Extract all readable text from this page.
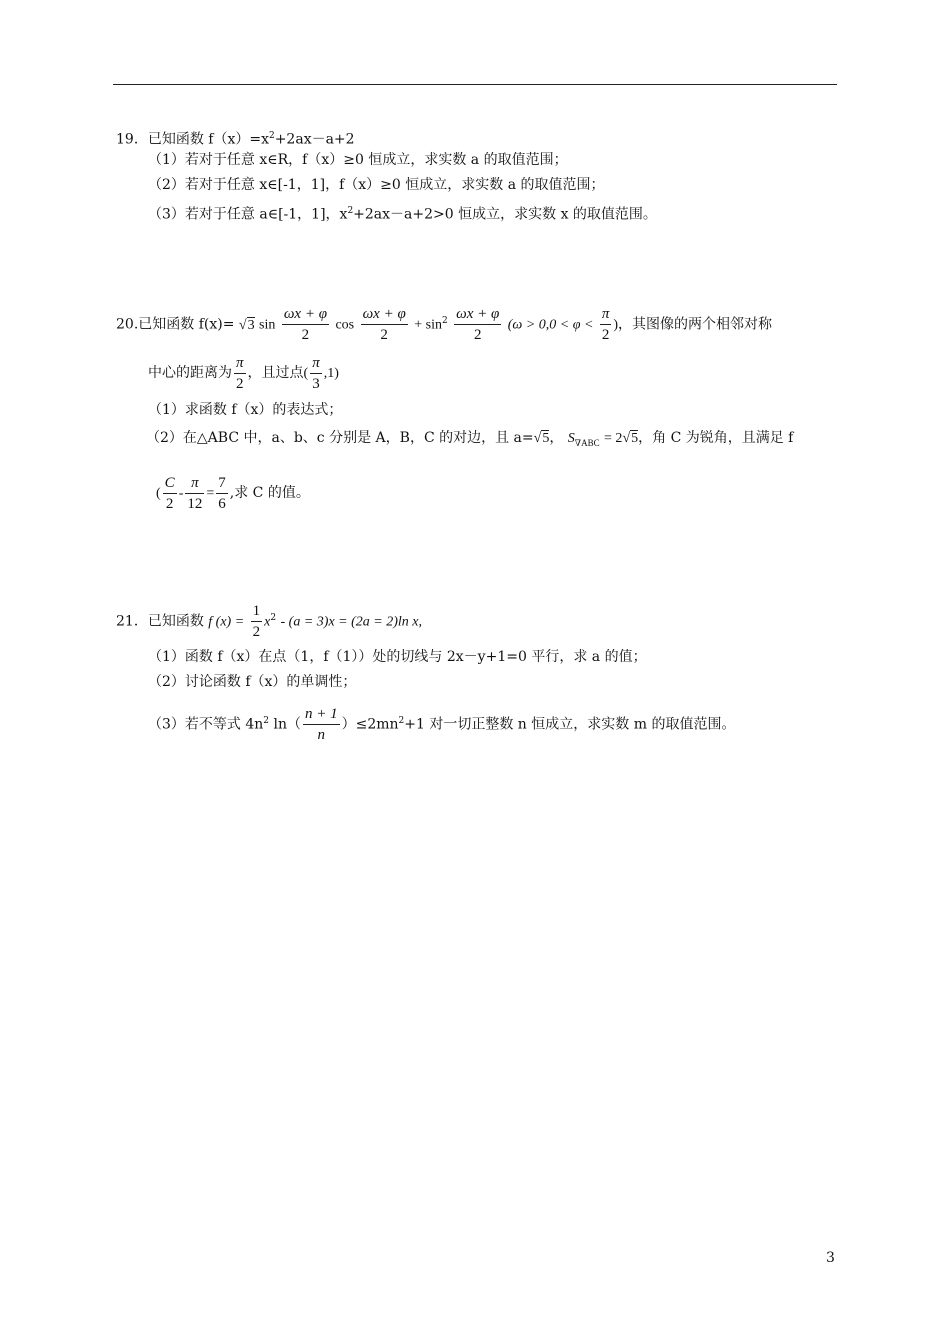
19．已知函数 $f(x)=x^2+2ax-a+2$
（1）若对于任意 x∈R，f（x）≥0 恒成立，求实数 a 的取值范围；
（2）若对于任意 x∈[-1，1]，f（x）≥0 恒成立，求实数 a 的取值范围；
（3）若对于任意 a∈[-1，1]，$x^2+2ax-a+2>0$ 恒成立，求实数 x 的取值范围。
20.已知函数 f(x)= √3 $\sin \frac{\omega x + \varphi}{2}$ $\cos \frac{\omega x + \varphi}{2} + \sin^2 \frac{\omega x + \varphi}{2} (\omega > 0,0 < \varphi < \frac{\pi}{2}$ )，其图像的两个相邻对称
中心的距离为 $\frac{\pi}{2}$ ，且过点( $\frac{\pi}{3} ,1$)
（1）求函数 f（x）的表达式；
（2）在△ABC 中，a、b、c 分别是 A，B，C 的对边，且 a=√5， $S_{\nabla ABC} = 2√5$，角 C 为锐角，且满足 f
( $\frac{C}{2} - \frac{\pi}{12} = \frac{7}{6}$ ,求 C 的值。
21．已知函数 f $(x) = \frac{1}{2} x^2 - (a = 3)x = (2a = 2)\ln$ x,
（1）函数 f（x）在点（1，f（1））处的切线与 2x－y+1=0 平行，求 a 的值；
（2）讨论函数 f（x）的单调性；
（3）若不等式 $4n^2$ $\ln( \frac{n + 1}{n} )\le 2mn^2+1$ 对一切正整数 n 恒成立，求实数 m 的取值范围。
3
